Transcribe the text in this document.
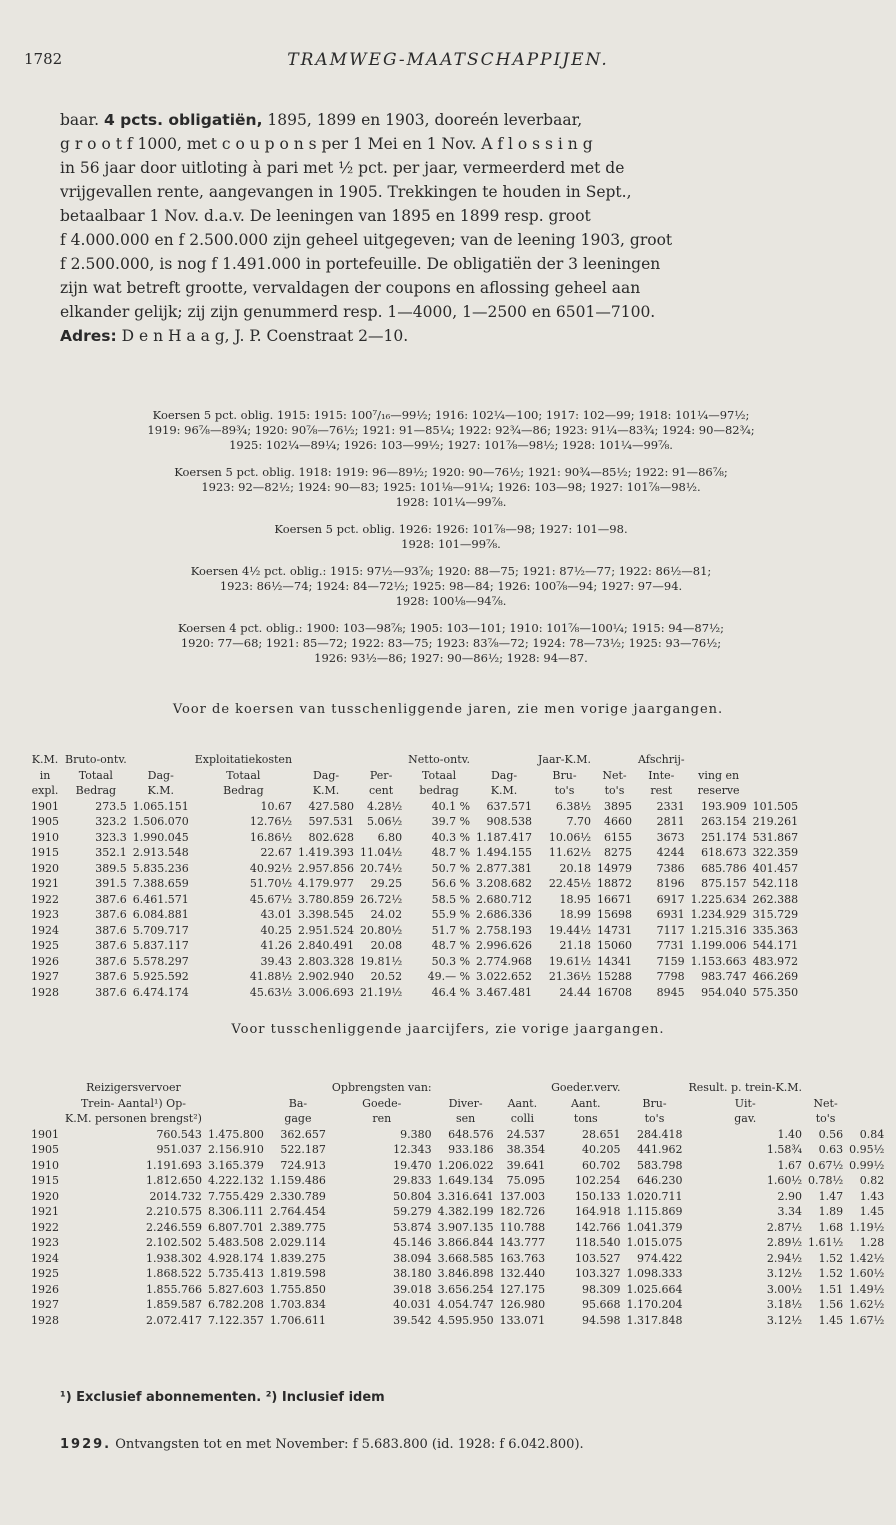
1782	TRAMWEG-MAATSCHAPPIJEN.
baar. 4 pcts. obligatiën, 1895, 1899 en 1903, dooreén leverbaar,
g r o o t f 1000, met c o u p o n s per 1 Mei en 1 Nov. A f l o s s i n g
in 56 jaar door uitloting à pari met ½ pct. per jaar, vermeerderd met de
vrijgevallen rente, aangevangen in 1905. Trekkingen te houden in Sept.,
betaalbaar 1 Nov. d.a.v. De leeningen van 1895 en 1899 resp. groot
f 4.000.000 en f 2.500.000 zijn geheel uitgegeven; van de leening 1903, groot
f 2.500.000, is nog f 1.491.000 in portefeuille. De obligatiën der 3 leeningen
zijn wat betreft grootte, vervaldagen der coupons en aflossing geheel aan
elkander gelijk; zij zijn genummerd resp. 1—4000, 1—2500 en 6501—7100.
Adres: D e n H a a g, J. P. Coenstraat 2—10.
Koersen 5 pct. oblig. 1915: 1915: 100⁷/₁₆—99½; 1916: 102¼—100; 1917: 102—99; 1918: 101¼—97½;
1919: 96⅞—89¾; 1920: 90⅞—76½; 1921: 91—85¼; 1922: 92¾—86; 1923: 91¼—83¾; 1924: 90—82¾;
1925: 102¼—89¼; 1926: 103—99½; 1927: 101⅞—98½; 1928: 101¼—99⅞.
Koersen 5 pct. oblig. 1918: 1919: 96—89½; 1920: 90—76½; 1921: 90¾—85½; 1922: 91—86⅞;
1923: 92—82½; 1924: 90—83; 1925: 101⅛—91¼; 1926: 103—98; 1927: 101⅞—98½.
1928: 101¼—99⅞.
Koersen 5 pct. oblig. 1926: 1926: 101⅞—98; 1927: 101—98.
1928: 101—99⅞.
Koersen 4½ pct. oblig.: 1915: 97½—93⅞; 1920: 88—75; 1921: 87½—77; 1922: 86½—81;
1923: 86½—74; 1924: 84—72½; 1925: 98—84; 1926: 100⅞—94; 1927: 97—94.
1928: 100⅛—94⅞.
Koersen 4 pct. oblig.: 1900: 103—98⅞; 1905: 103—101; 1910: 101⅞—100¼; 1915: 94—87½;
1920: 77—68; 1921: 85—72; 1922: 83—75; 1923: 83⅞—72; 1924: 78—73½; 1925: 93—76½;
1926: 93½—86; 1927: 90—86½; 1928: 94—87.
Voor de koersen van tusschenliggende jaren, zie men vorige jaargangen.
K.M.	Bruto-ontv.		Exploitatiekosten			Netto-ontv.		Jaar-K.M.		Afschrij-		
in	Totaal	Dag-	Totaal	Dag-	Per-	Totaal	Dag-	Bru-	Net-	Inte-	ving en	
expl.	Bedrag	K.M.	Bedrag	K.M.	cent	bedrag	K.M.	to's	to's	rest	reserve	
1901	273.5	1.065.151	10.67	427.580	4.28½	40.1 %	637.571	6.38½	3895	2331	193.909	101.505
1905	323.2	1.506.070	12.76½	597.531	5.06½	39.7 %	908.538	7.70	4660	2811	263.154	219.261
1910	323.3	1.990.045	16.86½	802.628	6.80	40.3 %	1.187.417	10.06½	6155	3673	251.174	531.867
1915	352.1	2.913.548	22.67	1.419.393	11.04½	48.7 %	1.494.155	11.62½	8275	4244	618.673	322.359
1920	389.5	5.835.236	40.92½	2.957.856	20.74½	50.7 %	2.877.381	20.18	14979	7386	685.786	401.457
1921	391.5	7.388.659	51.70½	4.179.977	29.25	56.6 %	3.208.682	22.45½	18872	8196	875.157	542.118
1922	387.6	6.461.571	45.67½	3.780.859	26.72½	58.5 %	2.680.712	18.95	16671	6917	1.225.634	262.388
1923	387.6	6.084.881	43.01	3.398.545	24.02	55.9 %	2.686.336	18.99	15698	6931	1.234.929	315.729
1924	387.6	5.709.717	40.25	2.951.524	20.80½	51.7 %	2.758.193	19.44½	14731	7117	1.215.316	335.363
1925	387.6	5.837.117	41.26	2.840.491	20.08	48.7 %	2.996.626	21.18	15060	7731	1.199.006	544.171
1926	387.6	5.578.297	39.43	2.803.328	19.81½	50.3 %	2.774.968	19.61½	14341	7159	1.153.663	483.972
1927	387.6	5.925.592	41.88½	2.902.940	20.52	49.— %	3.022.652	21.36½	15288	7798	983.747	466.269
1928	387.6	6.474.174	45.63½	3.006.693	21.19½	46.4 %	3.467.481	24.44	16708	8945	954.040	575.350
Voor tusschenliggende jaarcijfers, zie vorige jaargangen.
	Reizigersvervoer			Opbrengsten van:			Goeder.verv.		Result. p. trein-K.M.		
	Trein- Aantal¹) Op-		Ba-	Goede-	Diver-	Aant.	Aant.	Bru-	Uit-	Net-	
	K.M. personen brengst²)		gage	ren	sen	colli	tons	to's	gav.	to's	
1901	760.543	1.475.800	362.657	9.380	648.576	24.537	28.651	284.418	1.40	0.56	0.84
1905	951.037	2.156.910	522.187	12.343	933.186	38.354	40.205	441.962	1.58¾	0.63	0.95½
1910	1.191.693	3.165.379	724.913	19.470	1.206.022	39.641	60.702	583.798	1.67	0.67½	0.99½
1915	1.812.650	4.222.132	1.159.486	29.833	1.649.134	75.095	102.254	646.230	1.60½	0.78½	0.82
1920	2014.732	7.755.429	2.330.789	50.804	3.316.641	137.003	150.133	1.020.711	2.90	1.47	1.43
1921	2.210.575	8.306.111	2.764.454	59.279	4.382.199	182.726	164.918	1.115.869	3.34	1.89	1.45
1922	2.246.559	6.807.701	2.389.775	53.874	3.907.135	110.788	142.766	1.041.379	2.87½	1.68	1.19½
1923	2.102.502	5.483.508	2.029.114	45.146	3.866.844	143.777	118.540	1.015.075	2.89½	1.61½	1.28
1924	1.938.302	4.928.174	1.839.275	38.094	3.668.585	163.763	103.527	974.422	2.94½	1.52	1.42½
1925	1.868.522	5.735.413	1.819.598	38.180	3.846.898	132.440	103.327	1.098.333	3.12½	1.52	1.60½
1926	1.855.766	5.827.603	1.755.850	39.018	3.656.254	127.175	98.309	1.025.664	3.00½	1.51	1.49½
1927	1.859.587	6.782.208	1.703.834	40.031	4.054.747	126.980	95.668	1.170.204	3.18½	1.56	1.62½
1928	2.072.417	7.122.357	1.706.611	39.542	4.595.950	133.071	94.598	1.317.848	3.12½	1.45	1.67½
¹) Exclusief abonnementen. ²) Inclusief idem
1929. Ontvangsten tot en met November: f 5.683.800 (id. 1928: f 6.042.800).
